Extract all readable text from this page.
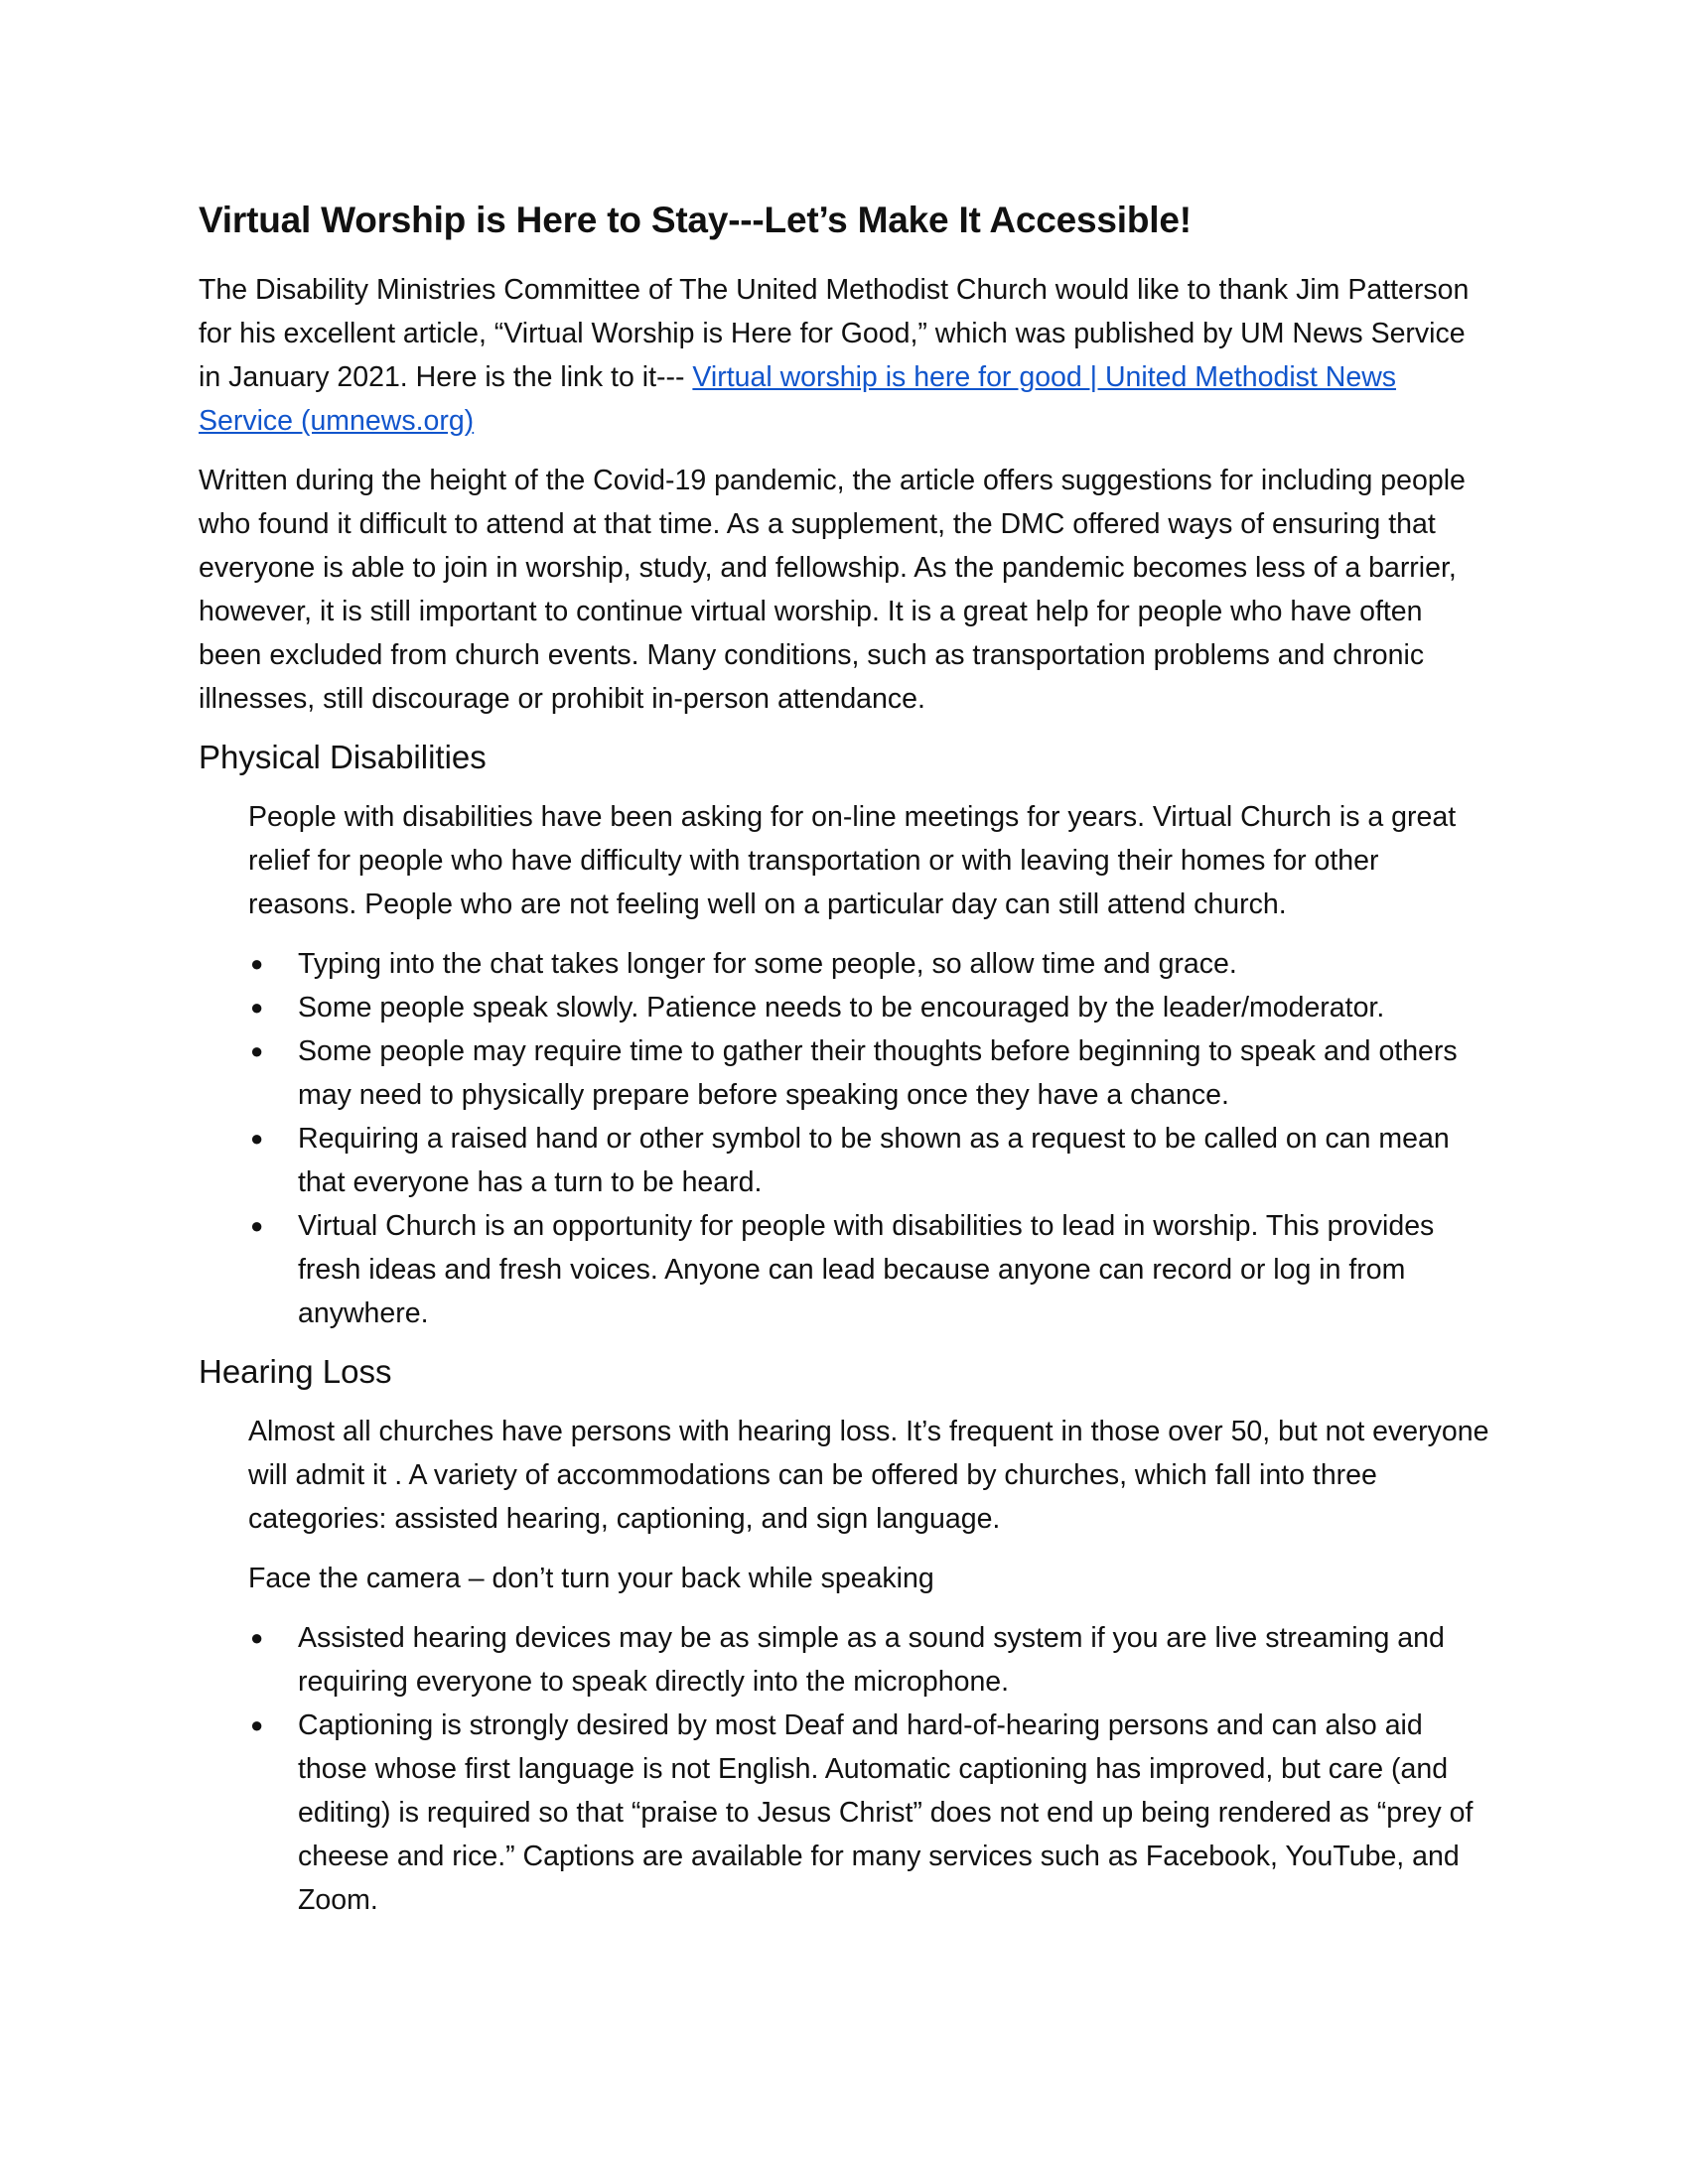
Virtual Worship is Here to Stay---Let’s Make It Accessible!

The Disability Ministries Committee of The United Methodist Church would like to thank Jim Patterson for his excellent article, “Virtual Worship is Here for Good,” which was published by UM News Service in January 2021. Here is the link to it--- Virtual worship is here for good | United Methodist News Service (umnews.org)

Written during the height of the Covid-19 pandemic, the article offers suggestions for including people who found it difficult to attend at that time. As a supplement, the DMC offered ways of ensuring that everyone is able to join in worship, study, and fellowship. As the pandemic becomes less of a barrier, however, it is still important to continue virtual worship. It is a great help for people who have often been excluded from church events. Many conditions, such as transportation problems and chronic illnesses, still discourage or prohibit in-person attendance.

Physical Disabilities

People with disabilities have been asking for on-line meetings for years. Virtual Church is a great relief for people who have difficulty with transportation or with leaving their homes for other reasons. People who are not feeling well on a particular day can still attend church.

● Typing into the chat takes longer for some people, so allow time and grace.
● Some people speak slowly. Patience needs to be encouraged by the leader/moderator.
● Some people may require time to gather their thoughts before beginning to speak and others may need to physically prepare before speaking once they have a chance.
● Requiring a raised hand or other symbol to be shown as a request to be called on can mean that everyone has a turn to be heard.
● Virtual Church is an opportunity for people with disabilities to lead in worship. This provides fresh ideas and fresh voices. Anyone can lead because anyone can record or log in from anywhere.
Hearing Loss

Almost all churches have persons with hearing loss. It’s frequent in those over 50, but not everyone will admit it . A variety of accommodations can be offered by churches, which fall into three categories: assisted hearing, captioning, and sign language.

Face the camera – don’t turn your back while speaking

● Assisted hearing devices may be as simple as a sound system if you are live streaming and requiring everyone to speak directly into the microphone.
● Captioning is strongly desired by most Deaf and hard-of-hearing persons and can also aid those whose first language is not English. Automatic captioning has improved, but care (and editing) is required so that “praise to Jesus Christ” does not end up being rendered as “prey of cheese and rice.” Captions are available for many services such as Facebook, YouTube, and Zoom.
